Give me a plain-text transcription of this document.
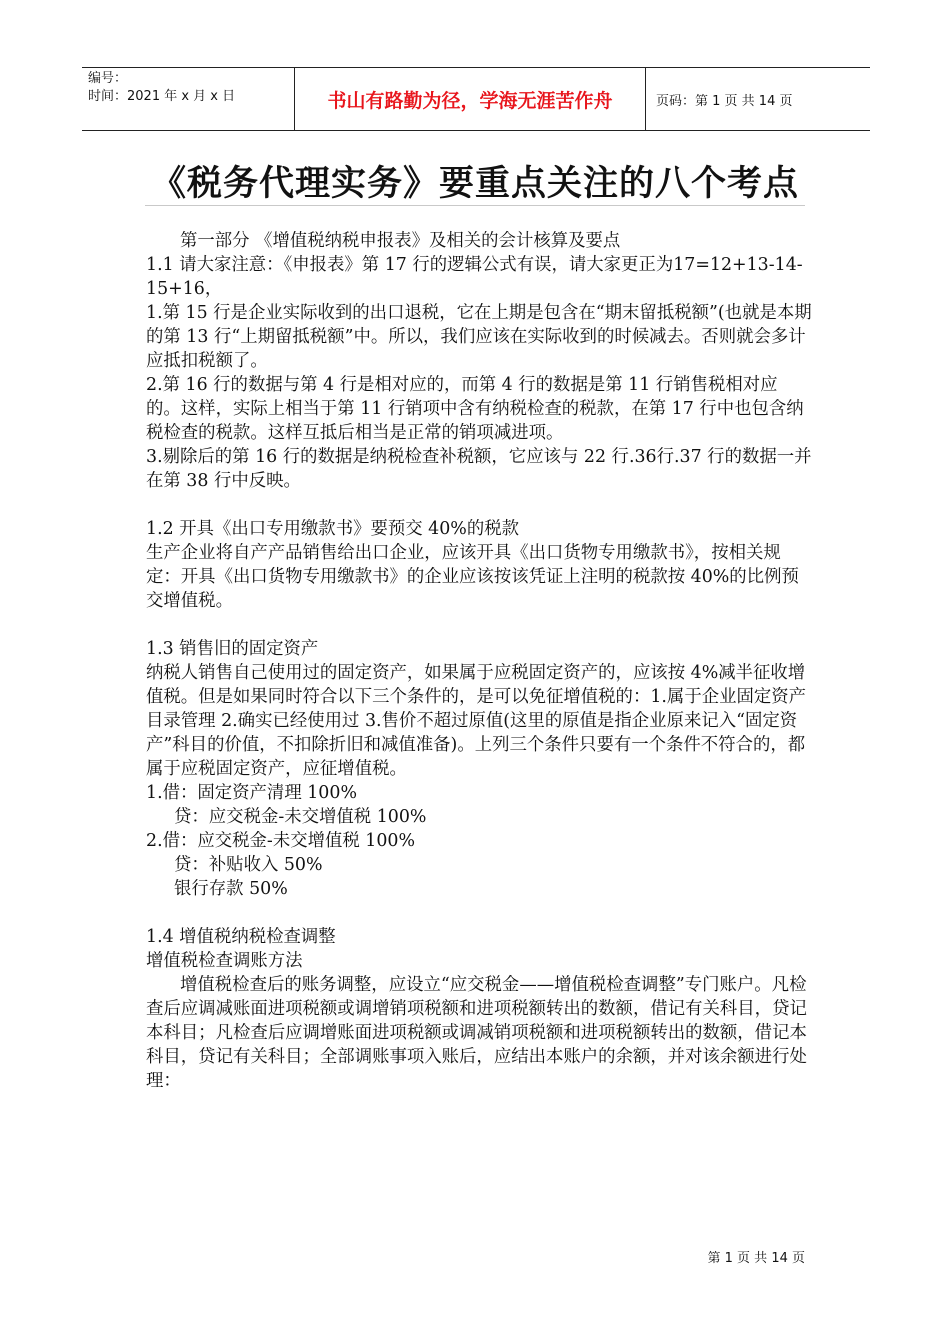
编号：
时间：2021 年 x 月 x 日	书山有路勤为径，学海无涯苦作舟	页码：第 1 页 共 14 页
《税务代理实务》要重点关注的八个考点

第一部分 《增值税纳税申报表》及相关的会计核算及要点

1.1 请大家注意：《申报表》第 17 行的逻辑公式有误，请大家更正为17=12+13-14-15+16，

1.第 15 行是企业实际收到的出口退税，它在上期是包含在“期末留抵税额”(也就是本期的第 13 行“上期留抵税额”中。所以，我们应该在实际收到的时候减去。否则就会多计应抵扣税额了。

2.第 16 行的数据与第 4 行是相对应的，而第 4 行的数据是第 11 行销售税相对应的。这样，实际上相当于第 11 行销项中含有纳税检查的税款，在第 17 行中也包含纳税检查的税款。这样互抵后相当是正常的销项减进项。

3.剔除后的第 16 行的数据是纳税检查补税额，它应该与 22 行.36行.37 行的数据一并在第 38 行中反映。

1.2 开具《出口专用缴款书》要预交 40%的税款

生产企业将自产产品销售给出口企业，应该开具《出口货物专用缴款书》，按相关规定：开具《出口货物专用缴款书》的企业应该按该凭证上注明的税款按 40%的比例预交增值税。

1.3 销售旧的固定资产

纳税人销售自己使用过的固定资产，如果属于应税固定资产的，应该按 4%减半征收增值税。但是如果同时符合以下三个条件的，是可以免征增值税的：1.属于企业固定资产目录管理 2.确实已经使用过 3.售价不超过原值(这里的原值是指企业原来记入“固定资产”科目的价值，不扣除折旧和减值准备)。上列三个条件只要有一个条件不符合的，都属于应税固定资产，应征增值税。

1.借：固定资产清理 100%

贷：应交税金-未交增值税 100%

2.借：应交税金-未交增值税 100%

贷：补贴收入 50%

银行存款 50%

1.4 增值税纳税检查调整

增值税检查调账方法

增值税检查后的账务调整，应设立“应交税金——增值税检查调整”专门账户。凡检查后应调减账面进项税额或调增销项税额和进项税额转出的数额，借记有关科目，贷记本科目；凡检查后应调增账面进项税额或调减销项税额和进项税额转出的数额，借记本科目，贷记有关科目；全部调账事项入账后，应结出本账户的余额，并对该余额进行处理：

第 1 页 共 14 页
